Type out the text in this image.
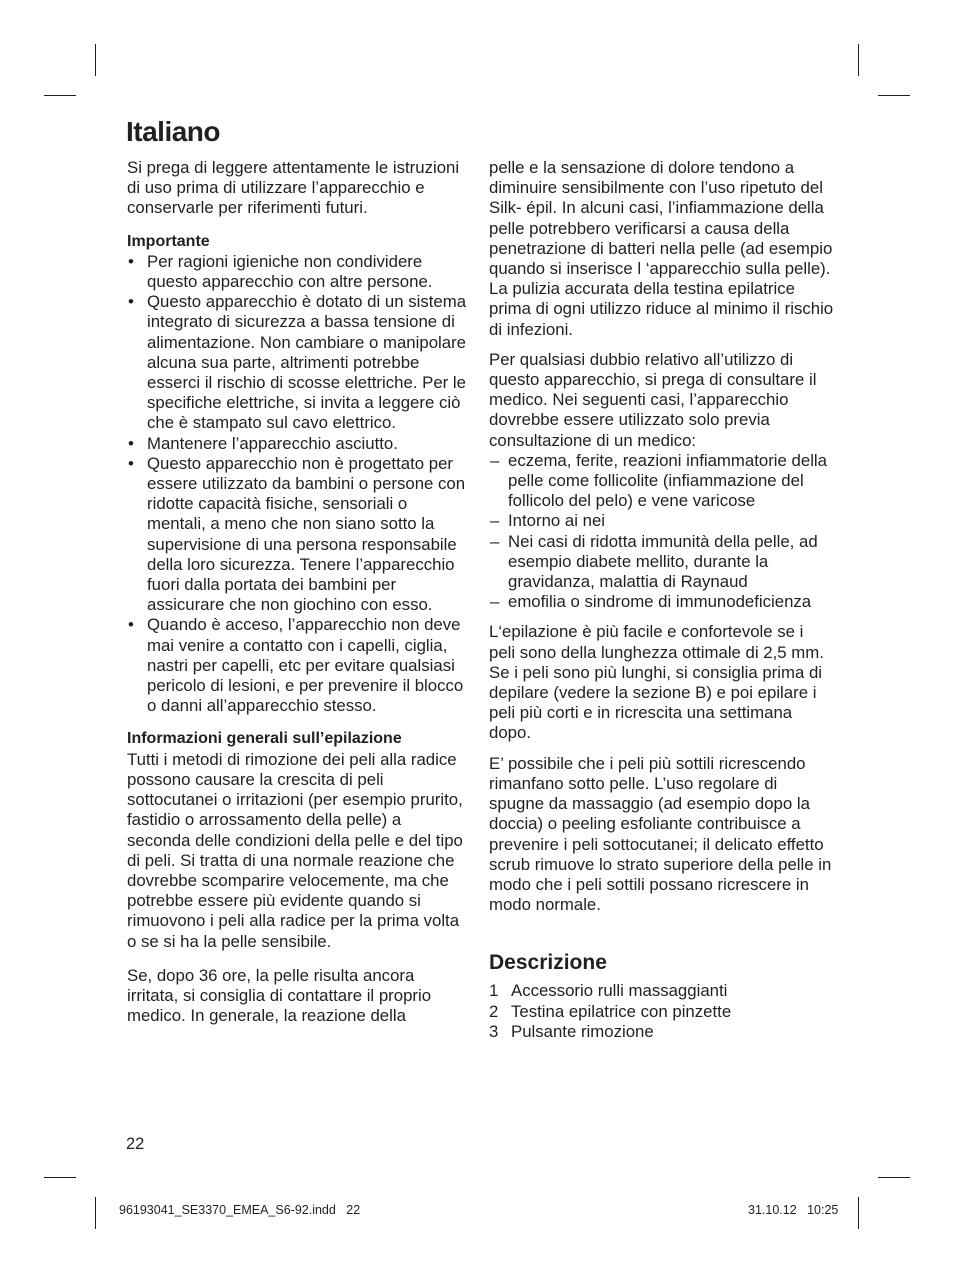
Italiano

Si prega di leggere attentamente le istruzioni di uso prima di utilizzare l’apparecchio e conservarle per riferimenti futuri.

Importante

• Per ragioni igieniche non condividere questo apparecchio con altre persone.
• Questo apparecchio è dotato di un sistema integrato di sicurezza a bassa tensione di alimentazione. Non cambiare o manipolare alcuna sua parte, altrimenti potrebbe esserci il rischio di scosse elettriche. Per le specifiche elettriche, si invita a leggere ciò che è stampato sul cavo elettrico.
• Mantenere l’apparecchio asciutto.
• Questo apparecchio non è progettato per essere utilizzato da bambini o persone con ridotte capacità fisiche, sensoriali o mentali, a meno che non siano sotto la supervisione di una persona responsabile della loro sicurezza. Tenere l’apparecchio fuori dalla portata dei bambini per assicurare che non giochino con esso.
• Quando è acceso, l’apparecchio non deve mai venire a contatto con i capelli, ciglia, nastri per capelli, etc per evitare qualsiasi pericolo di lesioni, e per prevenire il blocco o danni all’apparecchio stesso.

Informazioni generali sull’epilazione

Tutti i metodi di rimozione dei peli alla radice possono causare la crescita di peli sottocutanei o irritazioni (per esempio prurito, fastidio o arrossamento della pelle) a seconda delle condizioni della pelle e del tipo di peli. Si tratta di una normale reazione che dovrebbe scomparire velocemente, ma che potrebbe essere più evidente quando si rimuovono i peli alla radice per la prima volta o se si ha la pelle sensibile.

Se, dopo 36 ore, la pelle risulta ancora irritata, si consiglia di contattare il proprio medico. In generale, la reazione della

pelle e la sensazione di dolore tendono a diminuire sensibilmente con l’uso ripetuto del Silk- épil. In alcuni casi, l’infiammazione della pelle potrebbero verificarsi a causa della penetrazione di batteri nella pelle (ad esempio quando si inserisce l ‘apparecchio sulla pelle). La pulizia accurata della testina epilatrice prima di ogni utilizzo riduce al minimo il rischio di infezioni.

Per qualsiasi dubbio relativo all’utilizzo di questo apparecchio, si prega di consultare il medico. Nei seguenti casi, l’apparecchio dovrebbe essere utilizzato solo previa consultazione di un medico:

– eczema, ferite, reazioni infiammatorie della pelle come follicolite (infiammazione del follicolo del pelo) e vene varicose
– Intorno ai nei
– Nei casi di ridotta immunità della pelle, ad esempio diabete mellito, durante la gravidanza, malattia di Raynaud
– emofilia o sindrome di immunodeficienza

L‘epilazione è più facile e confortevole se i peli sono della lunghezza ottimale di 2,5 mm. Se i peli sono più lunghi, si consiglia prima di depilare (vedere la sezione B) e poi epilare i peli più corti e in ricrescita una settimana dopo.

E’ possibile che i peli più sottili ricrescendo rimanfano sotto pelle. L’uso regolare di spugne da massaggio (ad esempio dopo la doccia) o peeling esfoliante contribuisce a prevenire i peli sottocutanei; il delicato effetto scrub rimuove lo strato superiore della pelle in modo che i peli sottili possano ricrescere in modo normale.

Descrizione
1 Accessorio rulli massaggianti
2 Testina epilatrice con pinzette
3 Pulsante rimozione
22
96193041_SE3370_EMEA_S6-92.indd   22	31.10.12   10:25
